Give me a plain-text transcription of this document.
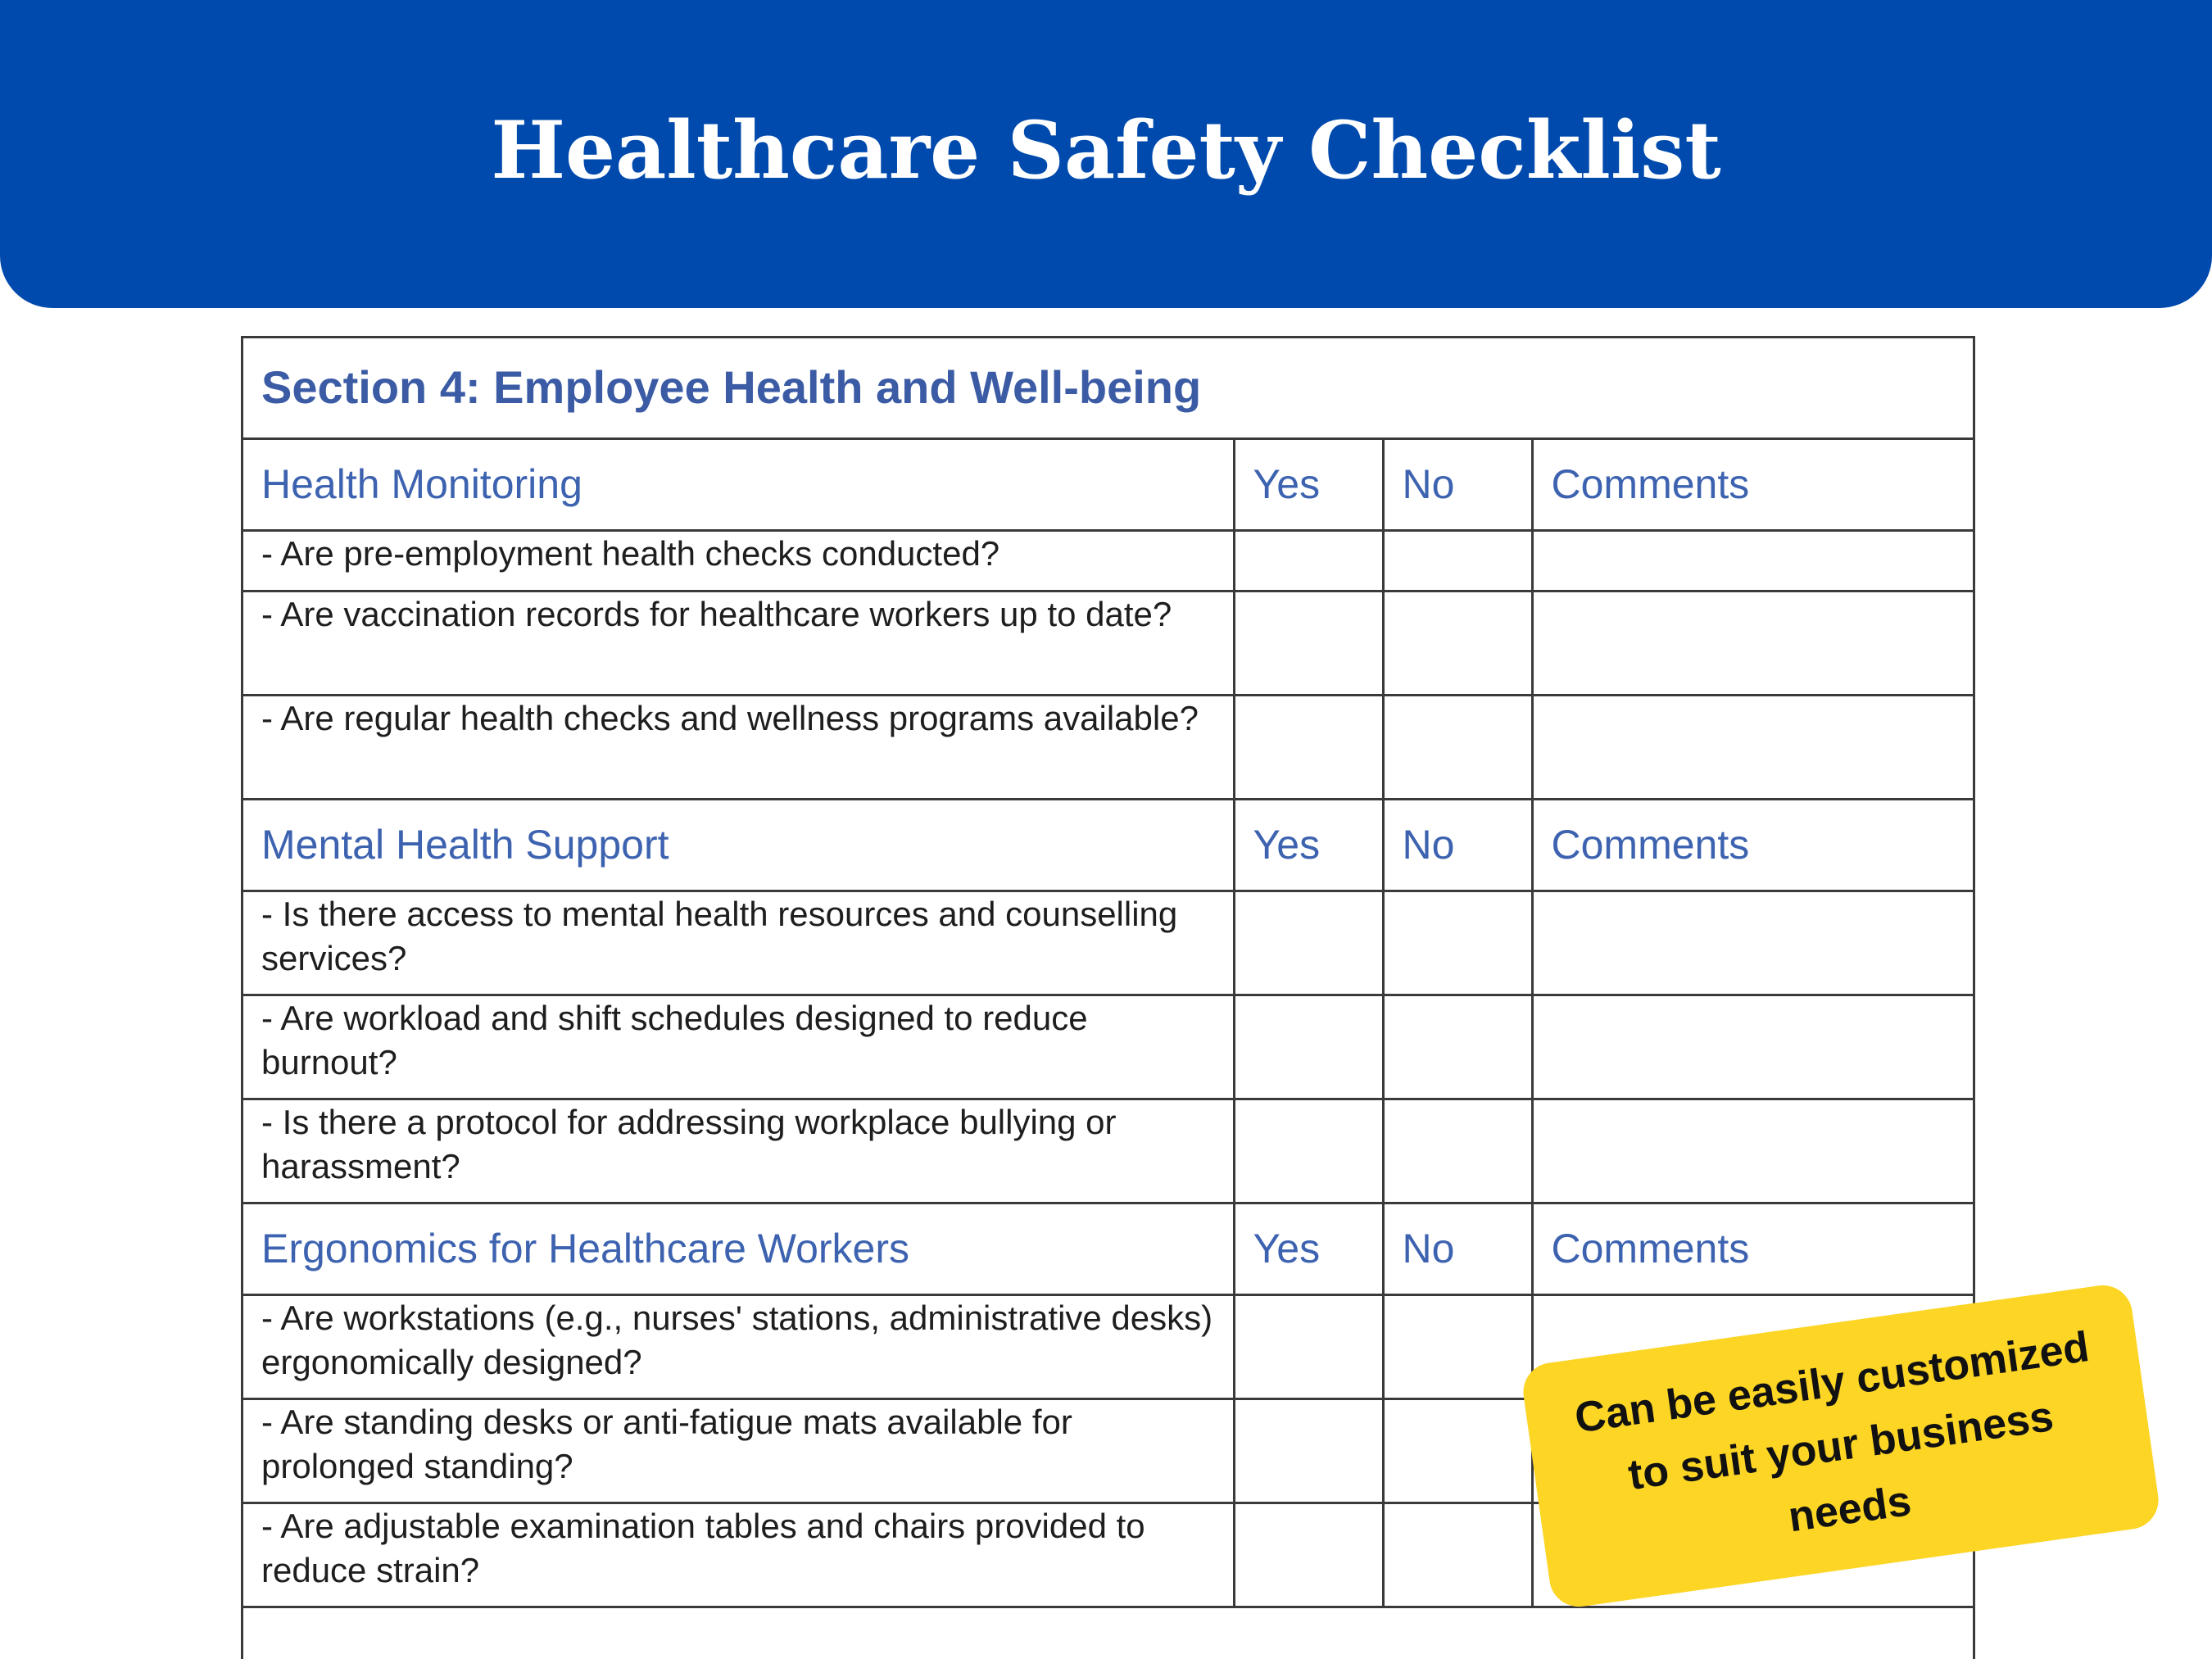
Healthcare Safety Checklist
Section 4: Employee Health and Well-being			
Health Monitoring	Yes	No	Comments
- Are pre-employment health checks conducted?			
- Are vaccination records for healthcare workers up to date?			
- Are regular health checks and wellness programs available?			
Mental Health Support	Yes	No	Comments
- Is there access to mental health resources and counselling services?			
- Are workload and shift schedules designed to reduce burnout?			
- Is there a protocol for addressing workplace bullying or harassment?			
Ergonomics for Healthcare Workers	Yes	No	Comments
- Are workstations (e.g., nurses' stations, administrative desks) ergonomically designed?			
- Are standing desks or anti-fatigue mats available for prolonged standing?			
- Are adjustable examination tables and chairs provided to reduce strain?			
Can be easily customized to suit your business needs
